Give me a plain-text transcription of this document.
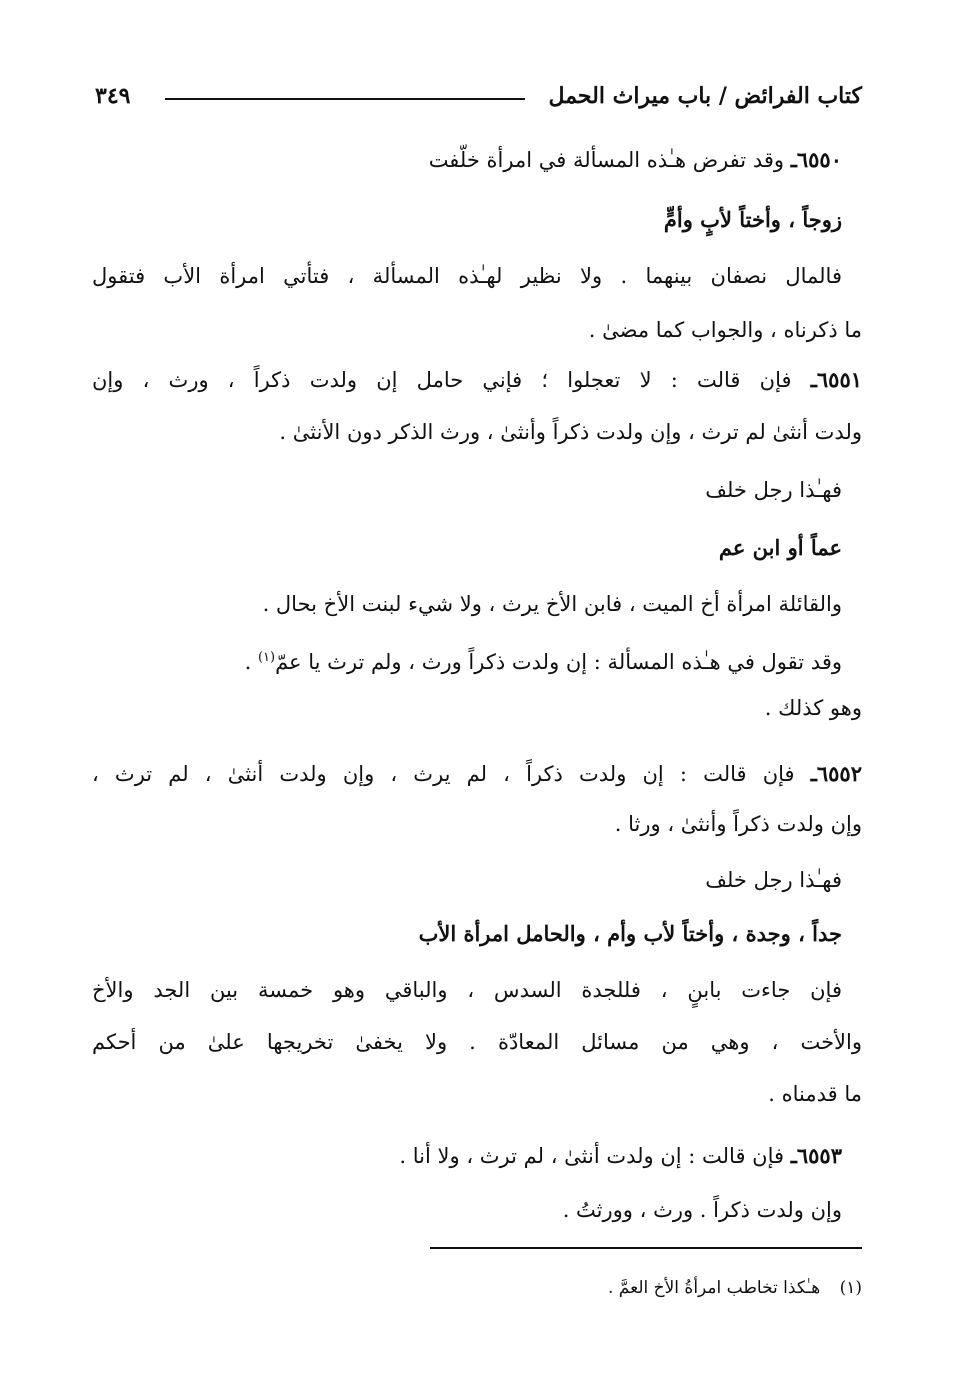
كتاب الفرائض / باب ميراث الحمل
٣٤٩
٦٥٥٠ـ وقد تفرض هـٰذه المسألة في امرأة خلّفت
زوجاً ، وأختاً لأبٍ وأمٍّ
فالمال نصفان بينهما . ولا نظير لهـٰذه المسألة ، فتأتي امرأة الأب فتقول
ما ذكرناه ، والجواب كما مضىٰ .
٦٥٥١ـ فإن قالت : لا تعجلوا ؛ فإني حامل إن ولدت ذكراً ، ورث ، وإن
ولدت أنثىٰ لم ترث ، وإن ولدت ذكراً وأنثىٰ ، ورث الذكر دون الأنثىٰ .
فهـٰذا رجل خلف
عماً أو ابن عم
والقائلة امرأة أخ الميت ، فابن الأخ يرث ، ولا شيء لبنت الأخ بحال .
وقد تقول في هـٰذه المسألة : إن ولدت ذكراً ورث ، ولم ترث يا عمّ$^{(١)}$ .
وهو كذلك .
٦٥٥٢ـ فإن قالت : إن ولدت ذكراً ، لم يرث ، وإن ولدت أنثىٰ ، لم ترث ،
وإن ولدت ذكراً وأنثىٰ ، ورثا .
فهـٰذا رجل خلف
جداً ، وجدة ، وأختاً لأب وأم ، والحامل امرأة الأب
فإن جاءت بابنٍ ، فللجدة السدس ، والباقي وهو خمسة بين الجد والأخ
والأخت ، وهي من مسائل المعادّة . ولا يخفىٰ تخريجها علىٰ من أحكم
ما قدمناه .
٦٥٥٣ـ فإن قالت : إن ولدت أنثىٰ ، لم ترث ، ولا أنا .
وإن ولدت ذكراً . ورث ، وورثتُ .
(١) هـٰكذا تخاطب امرأةُ الأخ العمَّ .
